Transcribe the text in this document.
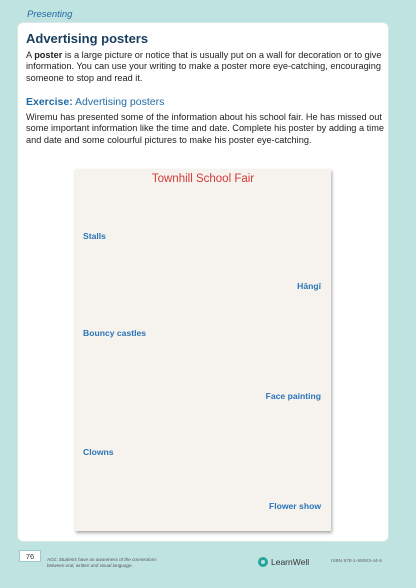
Presenting
Advertising posters

A poster is a large picture or notice that is usually put on a wall for decoration or to give information. You can use your writing to make a poster more eye-catching, encouraging someone to stop and read it.

Exercise: Advertising posters

Wiremu has presented some of the information about his school fair. He has missed out some important information like the time and date. Complete his poster by adding a time and date and some colourful pictures to make his poster eye-catching.

Townhill School Fair
Stalls
Hāngī
Bouncy castles
Face painting
Clowns
Flower show
76	AO1: Students have an awareness of the connections between oral, written and visual language.	LearnWell	ISBN 978-1-99003-44-9
